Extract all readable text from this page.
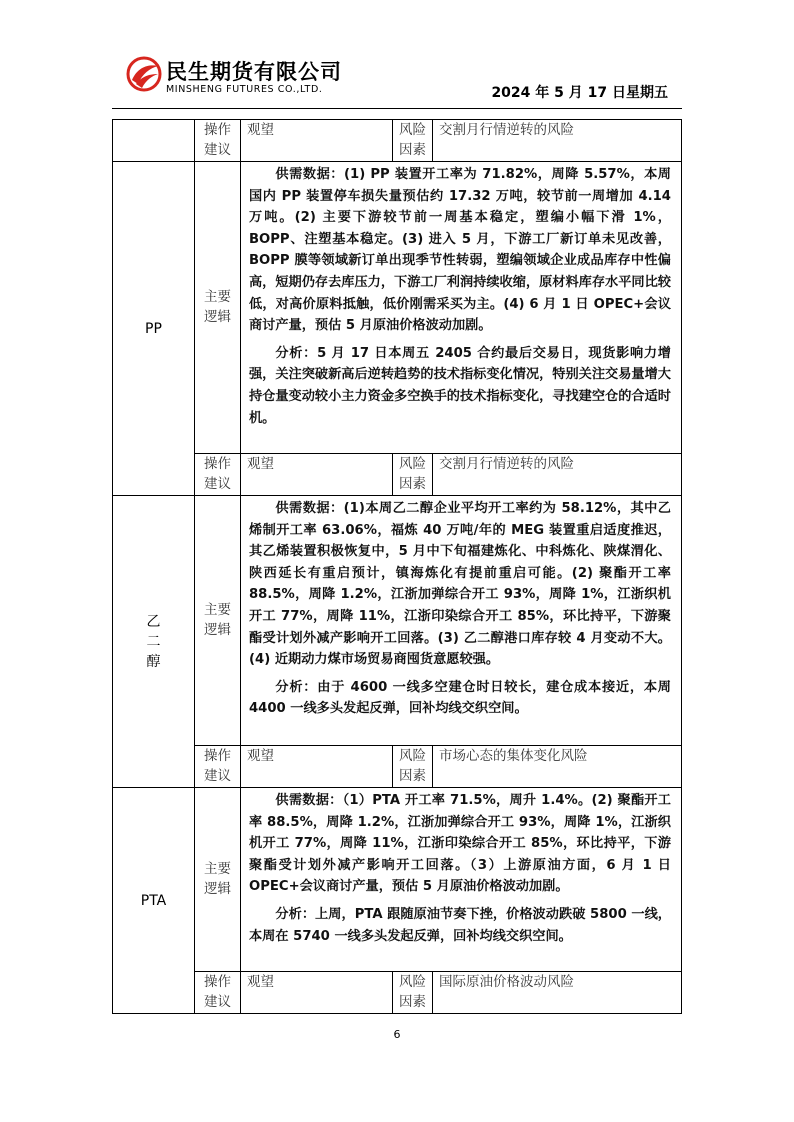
民生期货有限公司
MINSHENG FUTURES CO.,LTD.	2024 年 5 月 17 日星期五
	操作建议	观望	风险因素	交割月行情逆转的风险
PP	主要逻辑	供需数据：(1) PP 装置开工率为 71.82%，周降 5.57%，本周国内 PP 装置停车损失量预估约 17.32 万吨，较节前一周增加 4.14 万吨。(2) 主要下游较节前一周基本稳定，塑编小幅下滑 1%，BOPP、注塑基本稳定。(3) 进入 5 月，下游工厂新订单未见改善，BOPP 膜等领域新订单出现季节性转弱，塑编领域企业成品库存中性偏高，短期仍存去库压力，下游工厂利润持续收缩，原材料库存水平同比较低，对高价原料抵触，低价刚需采买为主。(4) 6 月 1 日 OPEC+会议商讨产量，预估 5 月原油价格波动加剧。

分析：5 月 17 日本周五 2405 合约最后交易日，现货影响力增强，关注突破新高后逆转趋势的技术指标变化情况，特别关注交易量增大持仓量变动较小主力资金多空换手的技术指标变化，寻找建空仓的合适时机。		

	操作建议	观望	风险因素	交割月行情逆转的风险
乙二醇	主要逻辑	供需数据：(1)本周乙二醇企业平均开工率约为 58.12%，其中乙烯制开工率 63.06%，福炼 40 万吨/年的 MEG 装置重启适度推迟，其乙烯装置积极恢复中，5 月中下旬福建炼化、中科炼化、陕煤渭化、陕西延长有重启预计，镇海炼化有提前重启可能。(2) 聚酯开工率 88.5%，周降 1.2%，江浙加弹综合开工 93%，周降 1%，江浙织机开工 77%，周降 11%，江浙印染综合开工 85%，环比持平，下游聚酯受计划外减产影响开工回落。(3) 乙二醇港口库存较 4 月变动不大。(4) 近期动力煤市场贸易商囤货意愿较强。

分析：由于 4600 一线多空建仓时日较长，建仓成本接近，本周 4400 一线多头发起反弹，回补均线交织空间。		

	操作建议	观望	风险因素	市场心态的集体变化风险
PTA	主要逻辑	供需数据：（1）PTA 开工率 71.5%，周升 1.4%。(2) 聚酯开工率 88.5%，周降 1.2%，江浙加弹综合开工 93%，周降 1%，江浙织机开工 77%，周降 11%，江浙印染综合开工 85%，环比持平，下游聚酯受计划外减产影响开工回落。（3）上游原油方面，6 月 1 日 OPEC+会议商讨产量，预估 5 月原油价格波动加剧。

分析：上周，PTA 跟随原油节奏下挫，价格波动跌破 5800 一线，本周在 5740 一线多头发起反弹，回补均线交织空间。		

	操作建议	观望	风险因素	国际原油价格波动风险
6
